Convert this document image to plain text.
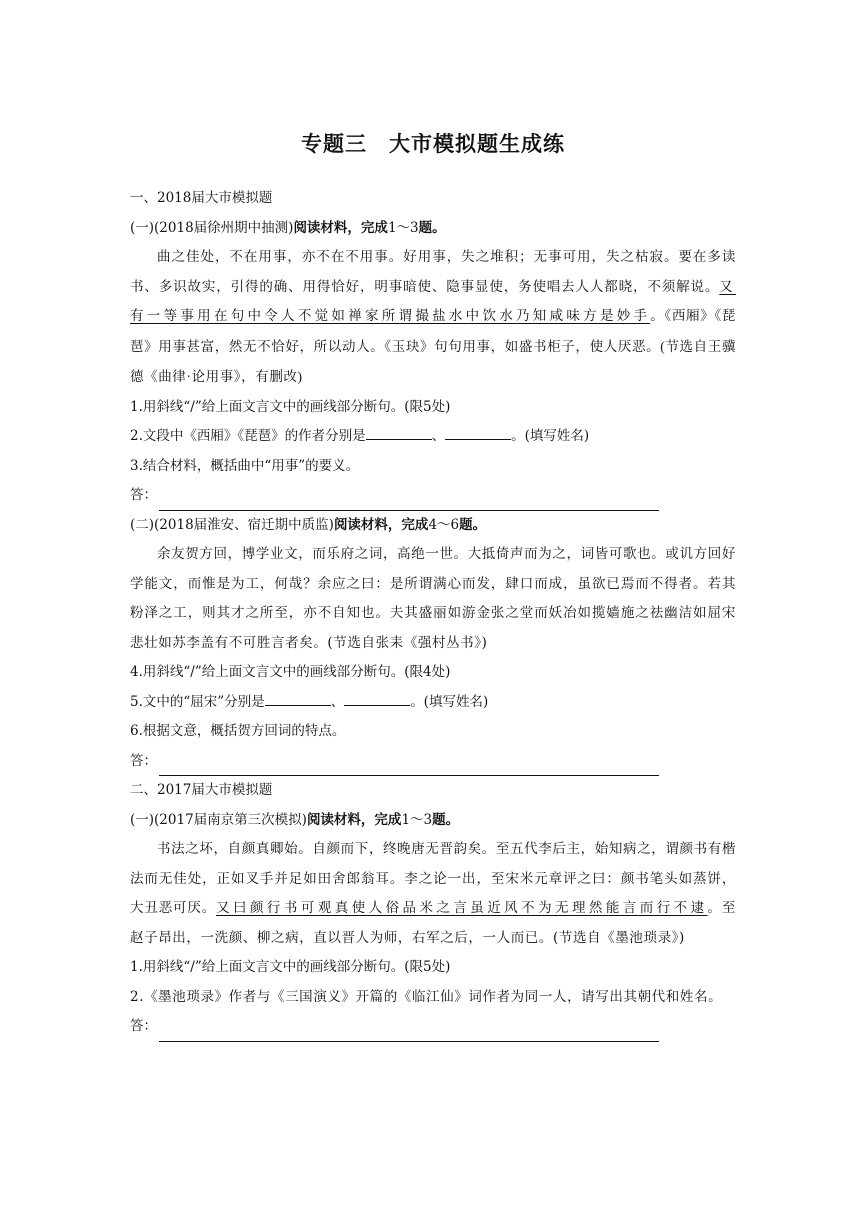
专题三　大市模拟题生成练
一、2018届大市模拟题
(一)(2018届徐州期中抽测)阅读材料，完成1～3题。
曲之佳处，不在用事，亦不在不用事。好用事，失之堆积；无事可用，失之枯寂。要在多读书、多识故实，引得的确、用得恰好，明事暗使、隐事显使，务使唱去人人都晓，不须解说。又有一等事用在句中令人不觉如禅家所谓撮盐水中饮水乃知咸味方是妙手。《西厢》《琵琶》用事甚富，然无不恰好，所以动人。《玉玦》句句用事，如盛书柜子，使人厌恶。(节选自王骥德《曲律·论用事》，有删改)
1.用斜线“/”给上面文言文中的画线部分断句。(限5处)
2.文段中《西厢》《琵琶》的作者分别是	、	。(填写姓名)
3.结合材料，概括曲中“用事”的要义。
答：
(二)(2018届淮安、宿迁期中质监)阅读材料，完成4～6题。
余友贺方回，博学业文，而乐府之词，高绝一世。大抵倚声而为之，词皆可歌也。或讥方回好学能文，而惟是为工，何哉？余应之曰：是所谓满心而发，肆口而成，虽欲已焉而不得者。若其粉泽之工，则其才之所至，亦不自知也。夫其盛丽如游金张之堂而妖冶如揽嫱施之祛幽洁如屈宋悲壮如苏李盖有不可胜言者矣。(节选自张耒《强村丛书》)
4.用斜线“/”给上面文言文中的画线部分断句。(限4处)
5.文中的“屈宋”分别是	、	。(填写姓名)
6.根据文意，概括贺方回词的特点。
答：
二、2017届大市模拟题
(一)(2017届南京第三次模拟)阅读材料，完成1～3题。
书法之坏，自颜真卿始。自颜而下，终晚唐无晋韵矣。至五代李后主，始知病之，谓颜书有楷法而无佳处，正如叉手并足如田舍郎翁耳。李之论一出，至宋米元章评之曰：颜书笔头如蒸饼，大丑恶可厌。又曰颜行书可观真使人俗品米之言虽近风不为无理然能言而行不逮。至赵子昂出，一洗颜、柳之病，直以晋人为师，右军之后，一人而已。(节选自《墨池琐录》)
1.用斜线“/”给上面文言文中的画线部分断句。(限5处)
2.《墨池琐录》作者与《三国演义》开篇的《临江仙》词作者为同一人，请写出其朝代和姓名。
答：
